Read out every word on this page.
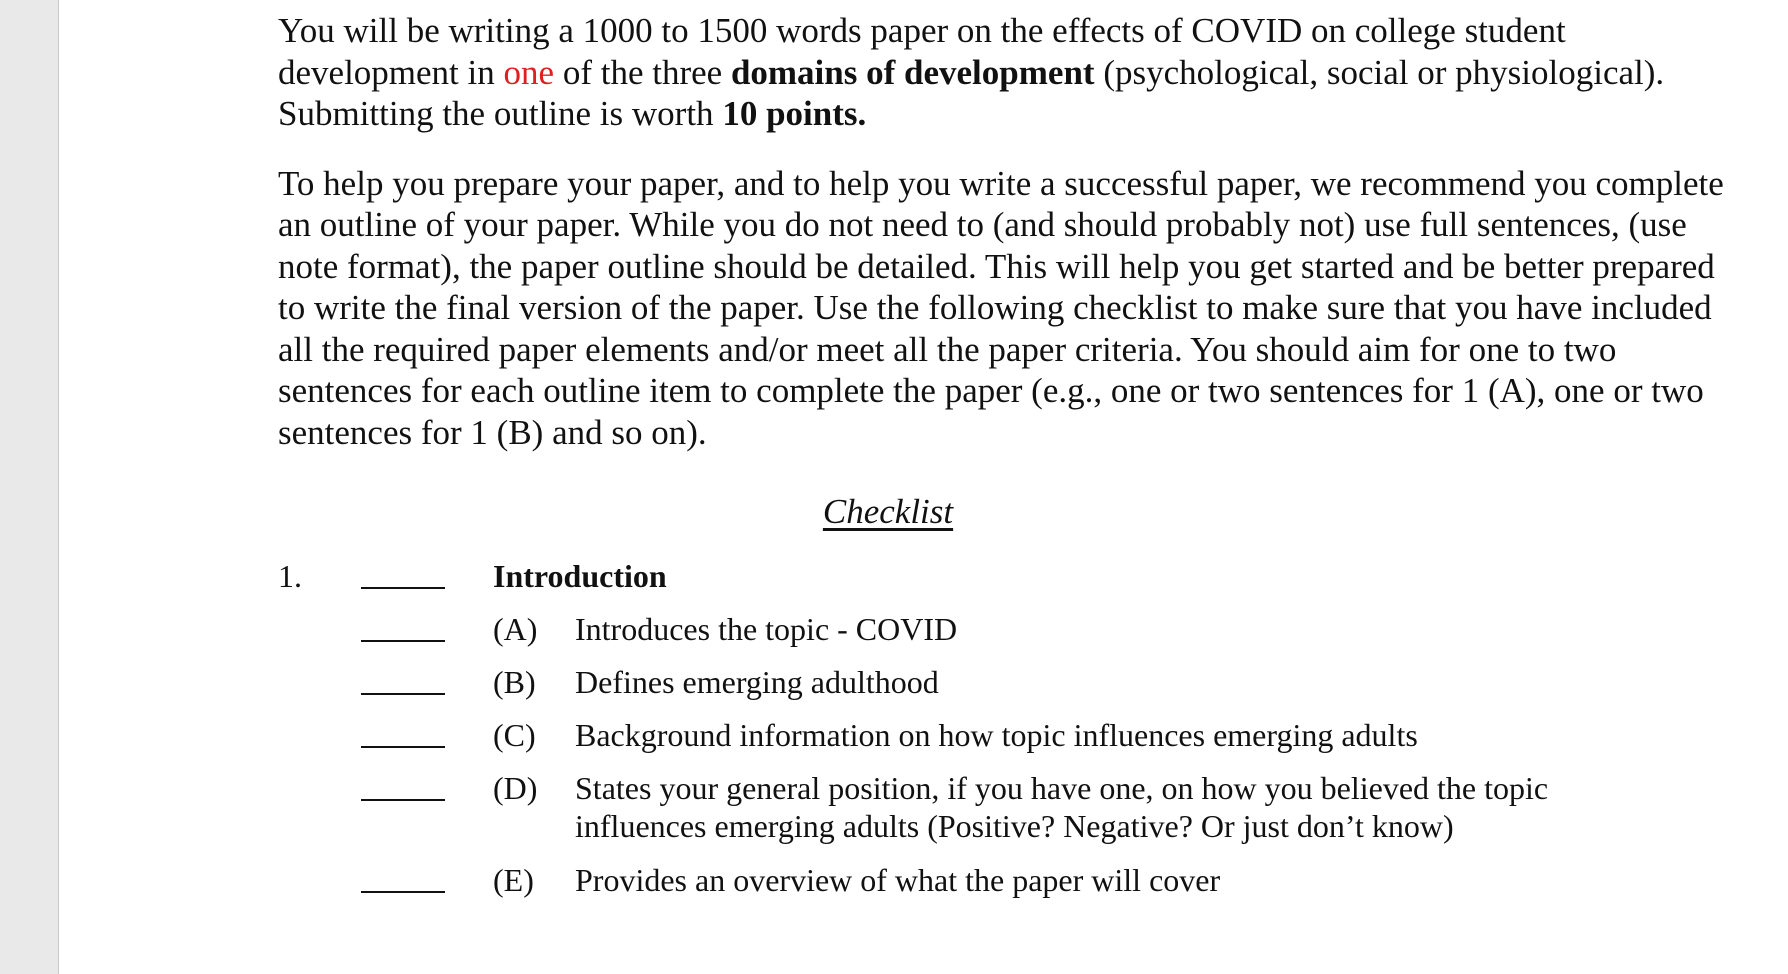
You will be writing a 1000 to 1500 words paper on the effects of COVID on college student development in one of the three domains of development (psychological, social or physiological). Submitting the outline is worth 10 points.

To help you prepare your paper, and to help you write a successful paper, we recommend you complete an outline of your paper. While you do not need to (and should probably not) use full sentences, (use note format), the paper outline should be detailed. This will help you get started and be better prepared to write the final version of the paper. Use the following checklist to make sure that you have included all the required paper elements and/or meet all the paper criteria. You should aim for one to two sentences for each outline item to complete the paper (e.g., one or two sentences for 1 (A), one or two sentences for 1 (B) and so on).

Checklist
1.	Introduction
(A) Introduces the topic - COVID
(B) Defines emerging adulthood
(C) Background information on how topic influences emerging adults
(D) States your general position, if you have one, on how you believed the topic influences emerging adults (Positive? Negative? Or just don’t know)
(E) Provides an overview of what the paper will cover
